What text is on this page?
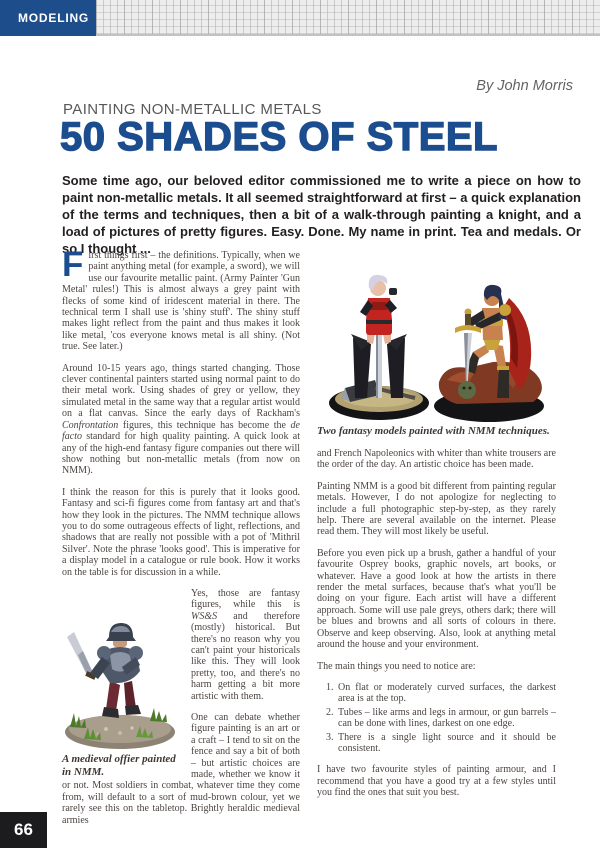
MODELING
By John Morris
PAINTING NON-METALLIC METALS
50 SHADES OF STEEL
Some time ago, our beloved editor commissioned me to write a piece on how to paint non-metallic metals. It all seemed straightforward at first – a quick explanation of the terms and techniques, then a bit of a walk-through painting a knight, and a load of pictures of pretty figures. Easy. Done. My name in print. Tea and medals. Or so I thought ...

First things first – the definitions. Typically, when we paint anything metal (for example, a sword), we will use our favourite metallic paint. (Army Painter 'Gun Metal' rules!) This is almost always a grey paint with flecks of some kind of iridescent material in there. The technical term I shall use is 'shiny stuff'. The shiny stuff makes light reflect from the paint and thus makes it look like metal, 'cos everyone knows metal is all shiny. (Not true. See later.)

Around 10-15 years ago, things started changing. Those clever continental painters started using normal paint to do their metal work. Using shades of grey or yellow, they simulated metal in the same way that a regular artist would on a flat canvas. Since the early days of Rackham's Confrontation figures, this technique has become the de facto standard for high quality painting. A quick look at any of the high-end fantasy figure companies out there will show nothing but non-metallic metals (from now on NMM).

I think the reason for this is purely that it looks good. Fantasy and sci-fi figures come from fantasy art and that's how they look in the pictures. The NMM technique allows you to do some outrageous effects of light, reflections, and shadows that are really not possible with a pot of 'Mithril Silver'. Note the phrase 'looks good'. This is imperative for a display model in a catalogue or rule book. How it works on the table is for discussion in a while.

A medieval offier painted in NMM.
Yes, those are fantasy figures, while this is WS&S and therefore (mostly) historical. But there's no reason why you can't paint your historicals like this. They will look pretty, too, and there's no harm getting a bit more artistic with them.

One can debate whether figure painting is an art or a craft – I tend to sit on the fence and say a bit of both – but artistic choices are made, whether we know it or not. Most soldiers in combat, whatever time they come from, will default to a sort of mud-brown colour, yet we rarely see this on the tabletop. Brightly heraldic medieval armies

Two fantasy models painted with NMM techniques.

and French Napoleonics with whiter than white trousers are the order of the day. An artistic choice has been made.

Painting NMM is a good bit different from painting regular metals. However, I do not apologize for neglecting to include a full photographic step-by-step, as they rarely help. There are several available on the internet. Please read them. They will most likely be useful.

Before you even pick up a brush, gather a handful of your favourite Osprey books, graphic novels, art books, or whatever. Have a good look at how the artists in there render the metal surfaces, because that's what you'll be doing on your figure. Each artist will have a different approach. Some will use pale greys, others dark; there will be blues and browns and all sorts of colours in there. Observe and keep observing. Also, look at anything metal around the house and your environment.

The main things you need to notice are:

1. On flat or moderately curved surfaces, the darkest area is at the top.
2. Tubes – like arms and legs in armour, or gun barrels – can be done with lines, darkest on one edge.
3. There is a single light source and it should be consistent.

I have two favourite styles of painting armour, and I recommend that you have a good try at a few styles until you find the ones that suit you best.

66
